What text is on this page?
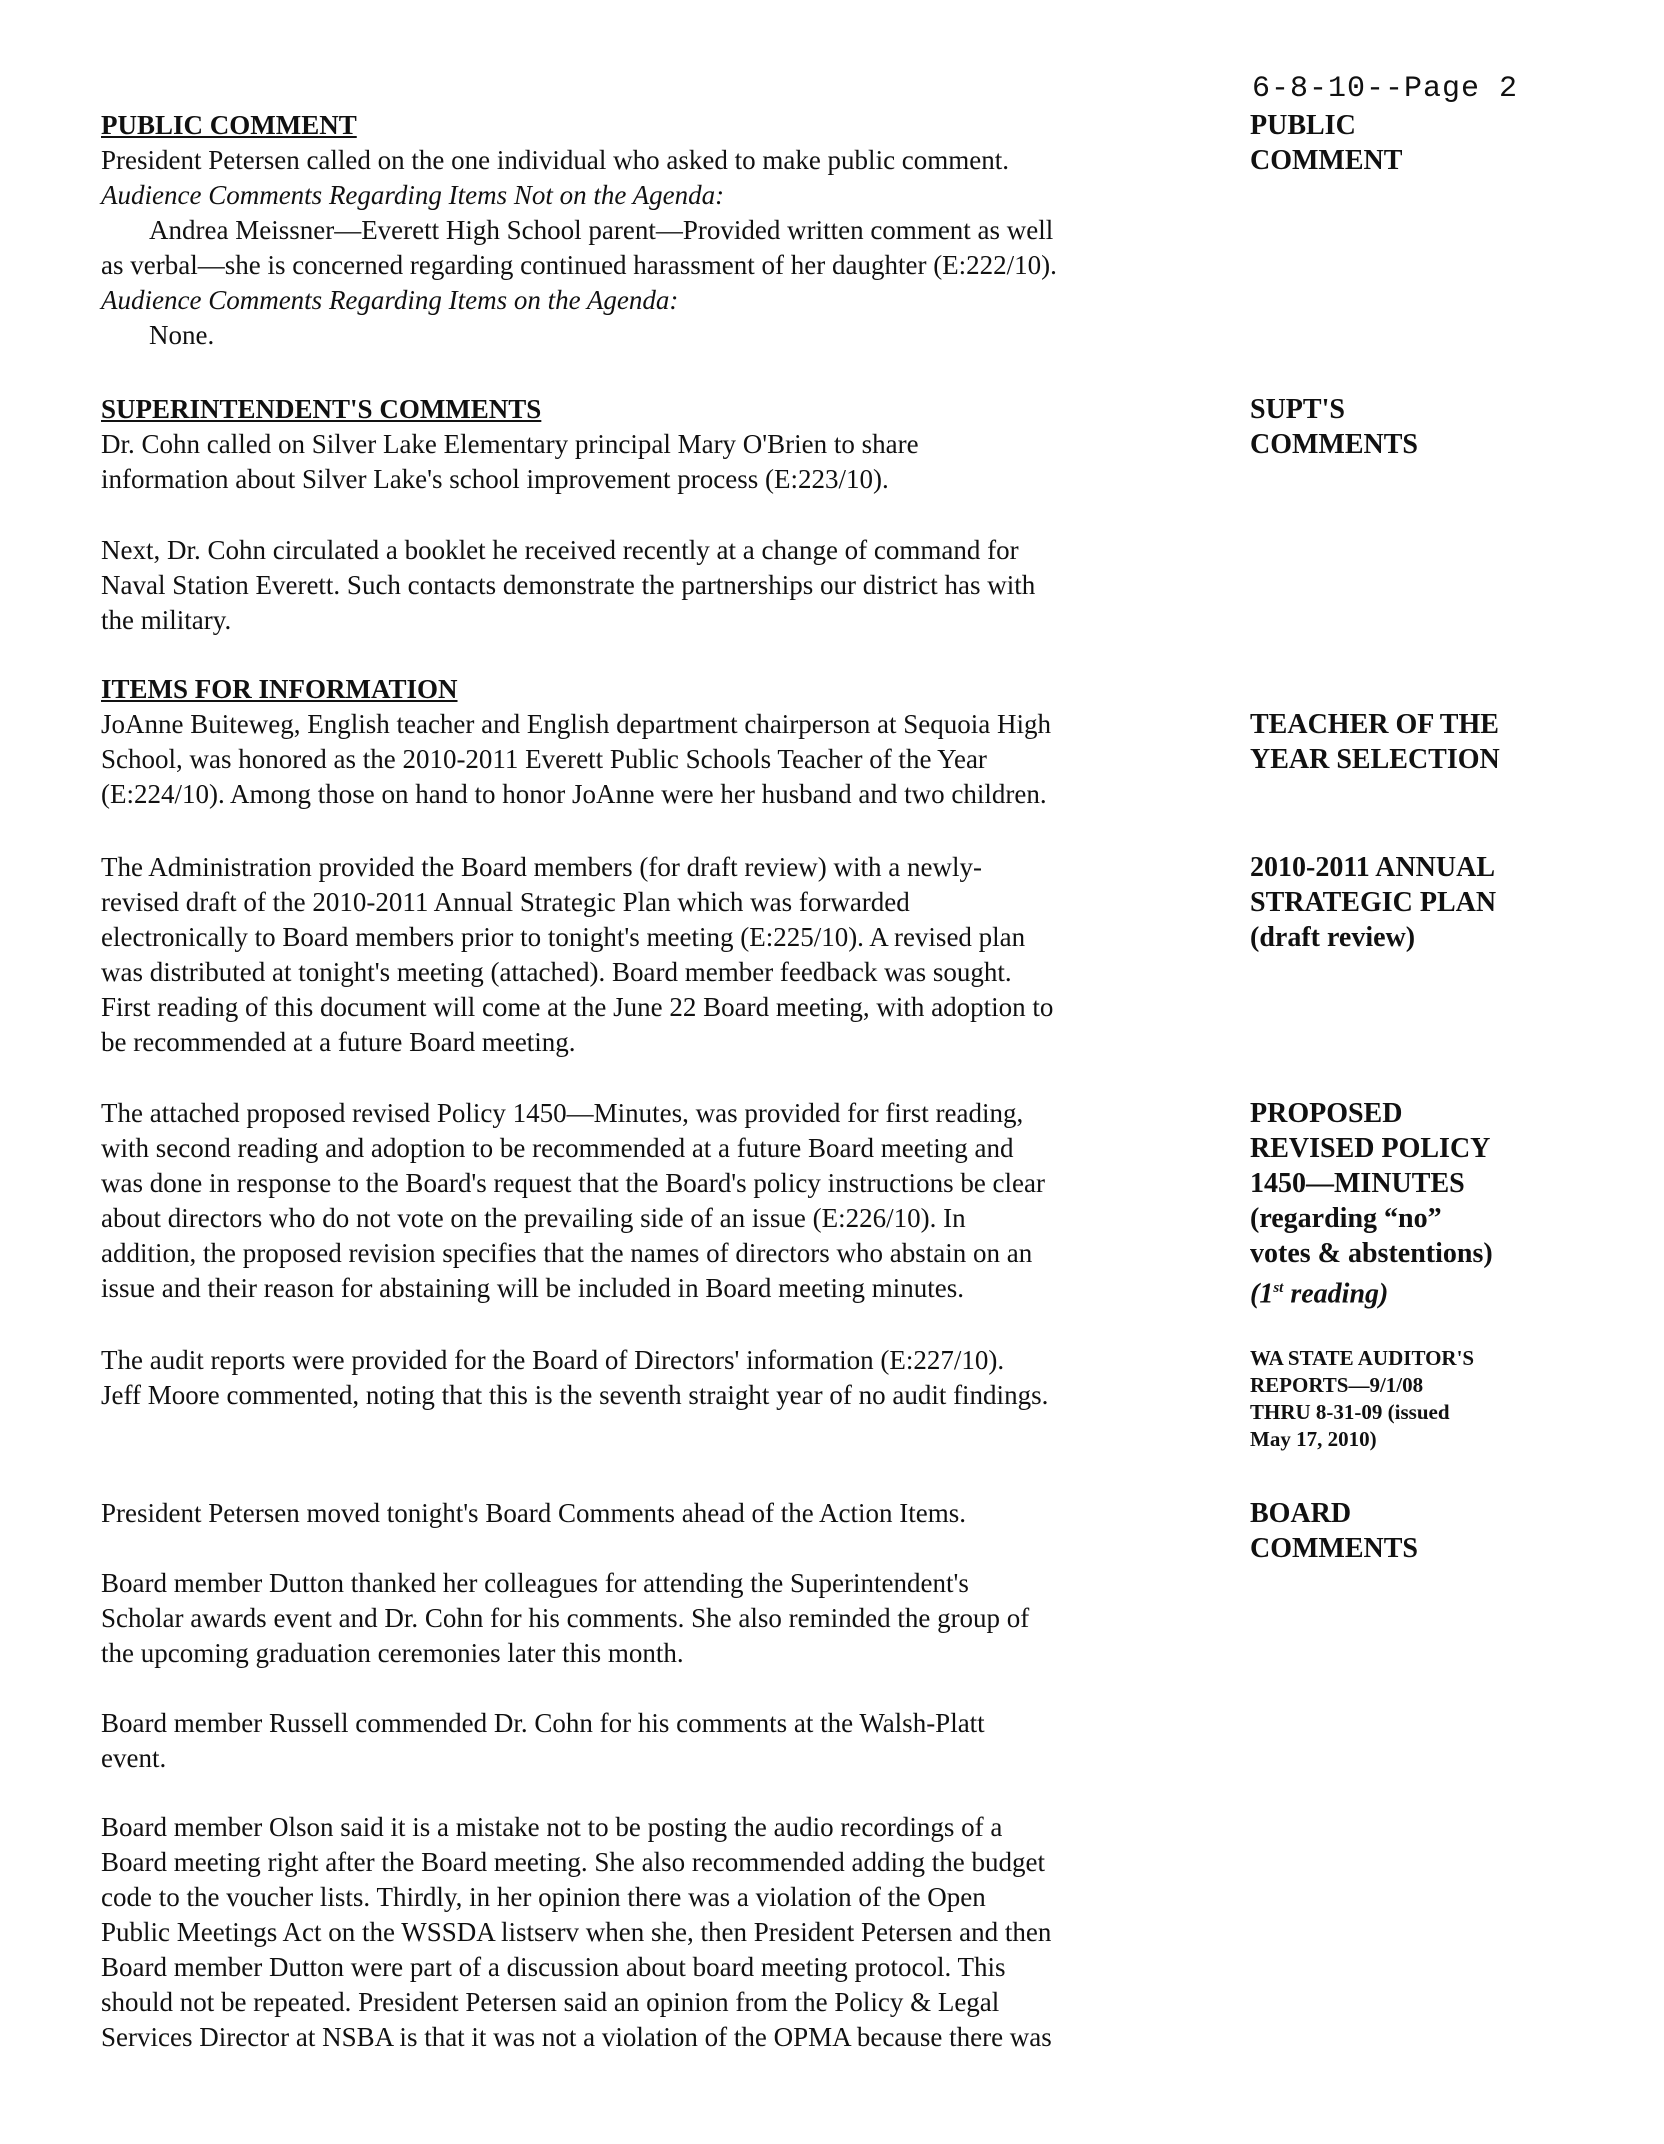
6-8-10--Page 2

PUBLIC COMMENT

President Petersen called on the one individual who asked to make public comment.

Audience Comments Regarding Items Not on the Agenda:

Andrea Meissner—Everett High School parent—Provided written comment as well

as verbal—she is concerned regarding continued harassment of her daughter (E:222/10).

Audience Comments Regarding Items on the Agenda:

None.

SUPERINTENDENT'S COMMENTS

Dr. Cohn called on Silver Lake Elementary principal Mary O'Brien to share

information about Silver Lake's school improvement process (E:223/10).

Next, Dr. Cohn circulated a booklet he received recently at a change of command for

Naval Station Everett. Such contacts demonstrate the partnerships our district has with

the military.

ITEMS FOR INFORMATION

JoAnne Buiteweg, English teacher and English department chairperson at Sequoia High

School, was honored as the 2010-2011 Everett Public Schools Teacher of the Year

(E:224/10). Among those on hand to honor JoAnne were her husband and two children.

The Administration provided the Board members (for draft review) with a newly-

revised draft of the 2010-2011 Annual Strategic Plan which was forwarded

electronically to Board members prior to tonight's meeting (E:225/10). A revised plan

was distributed at tonight's meeting (attached). Board member feedback was sought.

First reading of this document will come at the June 22 Board meeting, with adoption to

be recommended at a future Board meeting.

The attached proposed revised Policy 1450—Minutes, was provided for first reading,

with second reading and adoption to be recommended at a future Board meeting and

was done in response to the Board's request that the Board's policy instructions be clear

about directors who do not vote on the prevailing side of an issue (E:226/10). In

addition, the proposed revision specifies that the names of directors who abstain on an

issue and their reason for abstaining will be included in Board meeting minutes.

The audit reports were provided for the Board of Directors' information (E:227/10).

Jeff Moore commented, noting that this is the seventh straight year of no audit findings.

President Petersen moved tonight's Board Comments ahead of the Action Items.

Board member Dutton thanked her colleagues for attending the Superintendent's

Scholar awards event and Dr. Cohn for his comments. She also reminded the group of

the upcoming graduation ceremonies later this month.

Board member Russell commended Dr. Cohn for his comments at the Walsh-Platt

event.

Board member Olson said it is a mistake not to be posting the audio recordings of a

Board meeting right after the Board meeting. She also recommended adding the budget

code to the voucher lists. Thirdly, in her opinion there was a violation of the Open

Public Meetings Act on the WSSDA listserv when she, then President Petersen and then

Board member Dutton were part of a discussion about board meeting protocol. This

should not be repeated. President Petersen said an opinion from the Policy & Legal

Services Director at NSBA is that it was not a violation of the OPMA because there was

PUBLIC
COMMENT
SUPT'S
COMMENTS
TEACHER OF THE
YEAR SELECTION
2010-2011 ANNUAL
STRATEGIC PLAN
(draft review)
PROPOSED
REVISED POLICY
1450—MINUTES
(regarding “no”
votes & abstentions)
(1st reading)
WA STATE AUDITOR'S
REPORTS—9/1/08
THRU 8-31-09 (issued
May 17, 2010)
BOARD
COMMENTS
